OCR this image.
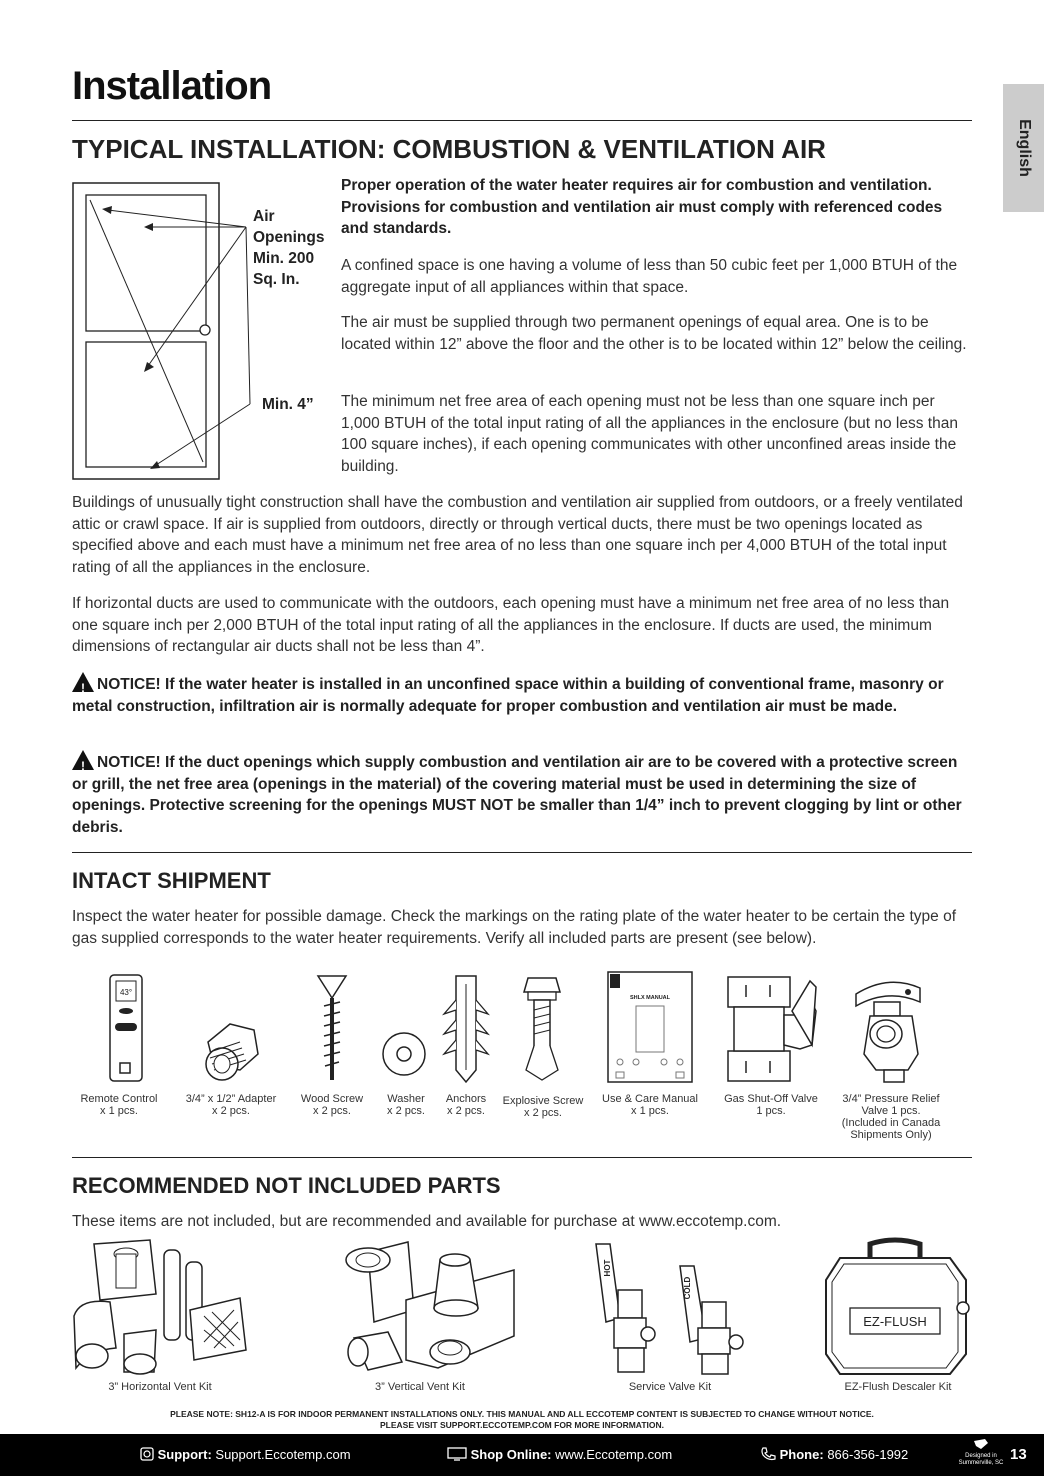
Installation
English
TYPICAL INSTALLATION: COMBUSTION & VENTILATION AIR
Air
Openings
Min. 200
Sq. In.
Min. 4”

Proper operation of the water heater requires air for combustion and ventilation. Provisions for combustion and ventilation air must comply with referenced codes and standards.

A confined space is one having a volume of less than 50 cubic feet per 1,000 BTUH of the aggregate input of all appliances within that space.

The air must be supplied through two permanent openings of equal area. One is to be located within 12” above the floor and the other is to be located within 12” below the ceiling.

The minimum net free area of each opening must not be less than one square inch per 1,000 BTUH of the total input rating of all the appliances in the enclosure (but no less than 100 square inches), if each opening communicates with other unconfined areas inside the building.

Buildings of unusually tight construction shall have the combustion and ventilation air supplied from outdoors, or a freely ventilated attic or crawl space. If air is supplied from outdoors, directly or through vertical ducts, there must be two openings located as specified above and each must have a minimum net free area of no less than one square inch per 4,000 BTUH of the total input rating of all the appliances in the enclosure.

If horizontal ducts are used to communicate with the outdoors, each opening must have a minimum net free area of no less than one square inch per 2,000 BTUH of the total input rating of all the appliances in the enclosure. If ducts are used, the minimum dimensions of rectangular air ducts shall not be less than 4”.

! NOTICE! If the water heater is installed in an unconfined space within a building of conventional frame, masonry or metal construction, infiltration air is normally adequate for proper combustion and ventilation air must be made.

! NOTICE! If the duct openings which supply combustion and ventilation air are to be covered with a protective screen or grill, the net free area (openings in the material) of the covering material must be used in determining the size of openings. Protective screening for the openings MUST NOT be smaller than 1/4” inch to prevent clogging by lint or other debris.

INTACT SHIPMENT

Inspect the water heater for possible damage. Check the markings on the rating plate of the water heater to be certain the type of gas supplied corresponds to the water heater requirements. Verify all included parts are present (see below).

43°
SHLX MANUAL
Remote Control
x 1 pcs.
3/4” x 1/2” Adapter
x 2 pcs.
Wood Screw
x 2 pcs.
Washer
x 2 pcs.
Anchors
x 2 pcs.
Explosive Screw
x 2 pcs.
Use & Care Manual
x 1 pcs.
Gas Shut-Off Valve
1 pcs.
3/4” Pressure Relief
Valve 1 pcs.
(Included in Canada
Shipments Only)
RECOMMENDED NOT INCLUDED PARTS

These items are not included, but are recommended and available for purchase at www.eccotemp.com.

HOT
COLD
EZ-FLUSH
3” Horizontal Vent Kit	3” Vertical Vent Kit	Service Valve Kit	EZ-Flush Descaler Kit
PLEASE NOTE: SH12-A IS FOR INDOOR PERMANENT INSTALLATIONS ONLY. THIS MANUAL AND ALL ECCOTEMP CONTENT IS SUBJECTED TO CHANGE WITHOUT NOTICE.
PLEASE VISIT SUPPORT.ECCOTEMP.COM FOR MORE INFORMATION.
Support: Support.Eccotemp.com	Shop Online: www.Eccotemp.com	Phone: 866-356-1992	Designed in
Summerville, SC 13
